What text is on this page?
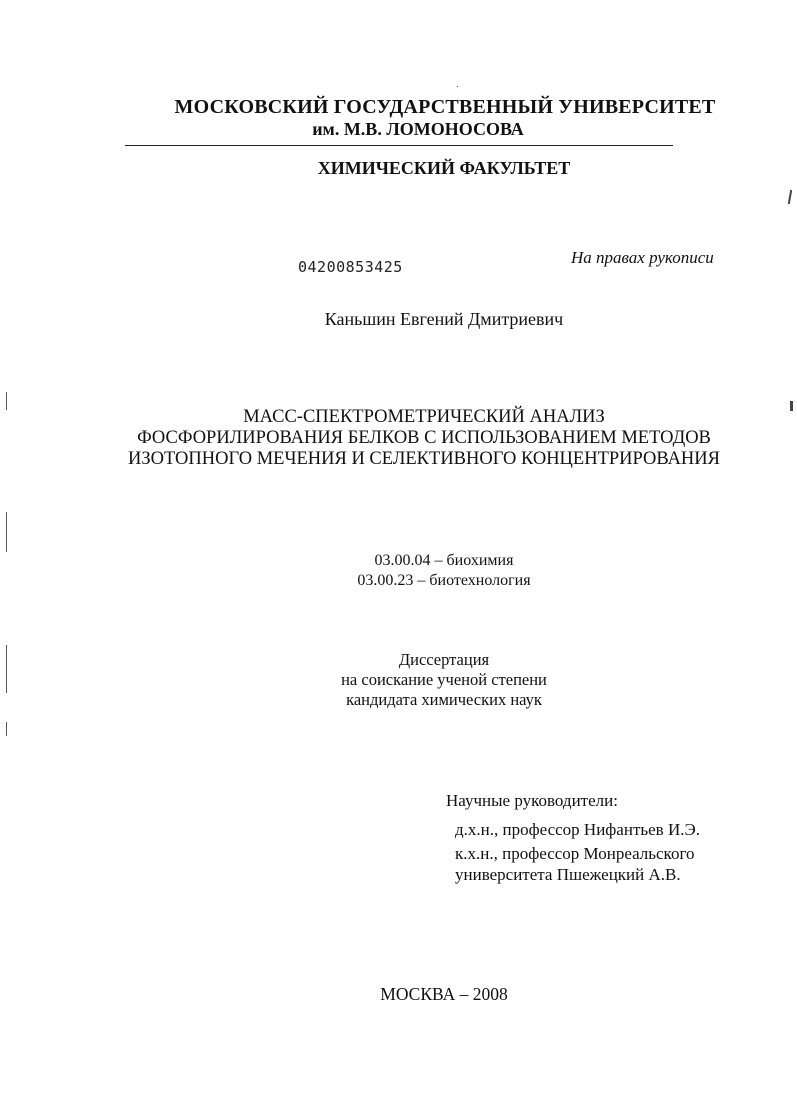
МОСКОВСКИЙ ГОСУДАРСТВЕННЫЙ УНИВЕРСИТЕТ
им. М.В. ЛОМОНОСОВА
ХИМИЧЕСКИЙ ФАКУЛЬТЕТ
04200853425	На правах рукописи
Каньшин Евгений Дмитриевич
МАСС-СПЕКТРОМЕТРИЧЕСКИЙ АНАЛИЗ
ФОСФОРИЛИРОВАНИЯ БЕЛКОВ С ИСПОЛЬЗОВАНИЕМ МЕТОДОВ
ИЗОТОПНОГО МЕЧЕНИЯ И СЕЛЕКТИВНОГО КОНЦЕНТРИРОВАНИЯ
03.00.04 – биохимия
03.00.23 – биотехнология
Диссертация
на соискание ученой степени
кандидата химических наук
Научные руководители:
д.х.н., профессор Нифантьев И.Э.
к.х.н., профессор Монреальского
университета Пшежецкий А.В.
МОСКВА – 2008
